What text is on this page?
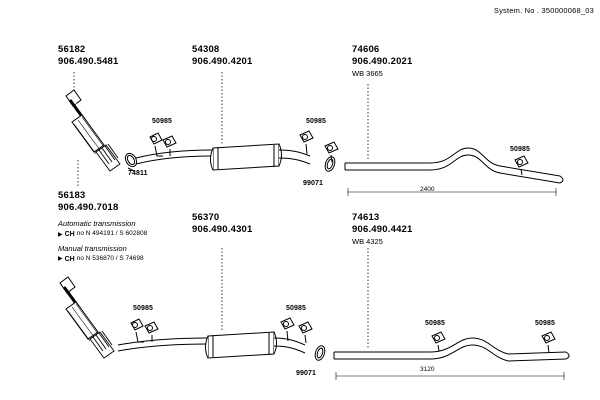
System. No . 350000068_03
56182
906.490.5481
54308
906.490.4201
74606
906.490.2021
WB 3665
56183
906.490.7018
56370
906.490.4301
74613
906.490.4421
WB 4325
Automatic transmission
▶ CH no N 494191 / S 602808
Manual transmission
▶ CH no N 536870 / S 74698
50985	50985
50985
74811
99071
50985	50985
50985	50985
99071
2400
3120
